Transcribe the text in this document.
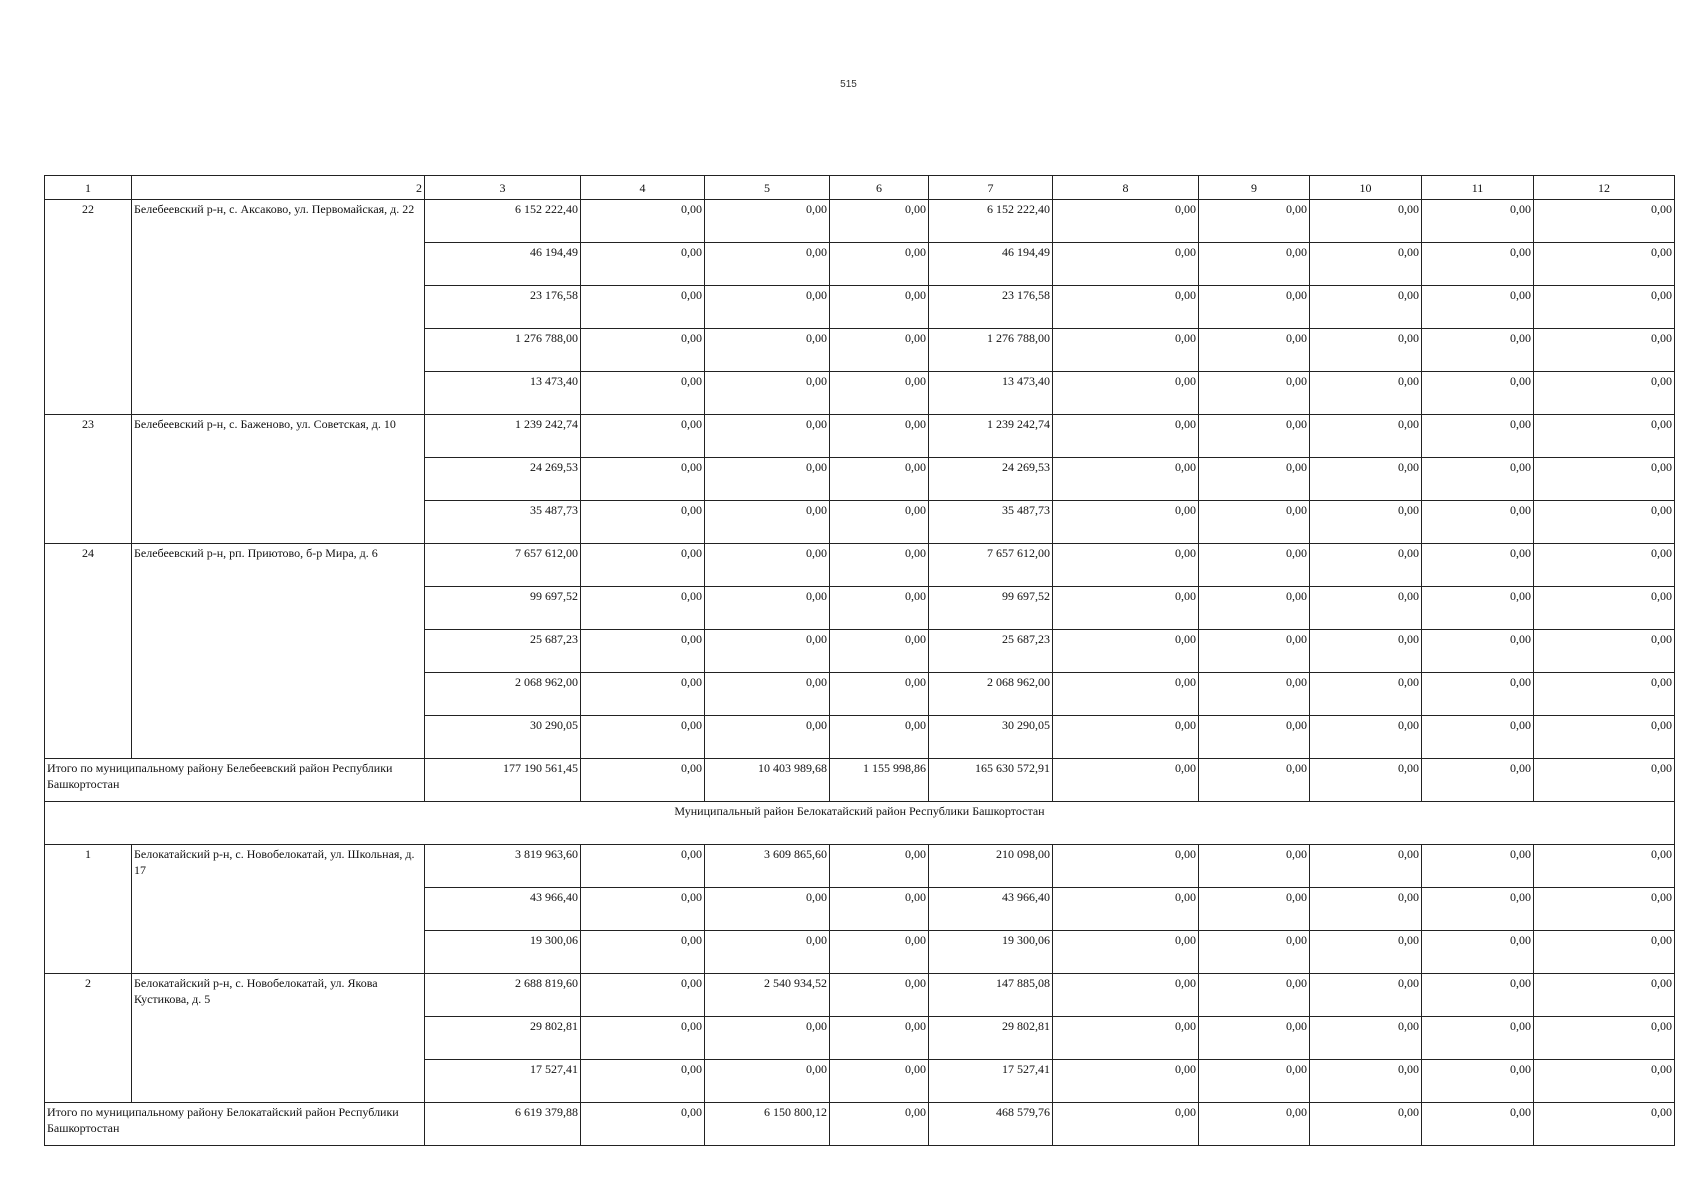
515
1	2	3	4	5	6	7	8	9	10	11	12
22	Белебеевский р-н, с. Аксаково, ул. Первомайская, д. 22	6 152 222,40	0,00	0,00	0,00	6 152 222,40	0,00	0,00	0,00	0,00	0,00
		46 194,49	0,00	0,00	0,00	46 194,49	0,00	0,00	0,00	0,00	0,00
		23 176,58	0,00	0,00	0,00	23 176,58	0,00	0,00	0,00	0,00	0,00
		1 276 788,00	0,00	0,00	0,00	1 276 788,00	0,00	0,00	0,00	0,00	0,00
		13 473,40	0,00	0,00	0,00	13 473,40	0,00	0,00	0,00	0,00	0,00
23	Белебеевский р-н, с. Баженово, ул. Советская, д. 10	1 239 242,74	0,00	0,00	0,00	1 239 242,74	0,00	0,00	0,00	0,00	0,00
		24 269,53	0,00	0,00	0,00	24 269,53	0,00	0,00	0,00	0,00	0,00
		35 487,73	0,00	0,00	0,00	35 487,73	0,00	0,00	0,00	0,00	0,00
24	Белебеевский р-н, рп. Приютово, б-р Мира, д. 6	7 657 612,00	0,00	0,00	0,00	7 657 612,00	0,00	0,00	0,00	0,00	0,00
		99 697,52	0,00	0,00	0,00	99 697,52	0,00	0,00	0,00	0,00	0,00
		25 687,23	0,00	0,00	0,00	25 687,23	0,00	0,00	0,00	0,00	0,00
		2 068 962,00	0,00	0,00	0,00	2 068 962,00	0,00	0,00	0,00	0,00	0,00
		30 290,05	0,00	0,00	0,00	30 290,05	0,00	0,00	0,00	0,00	0,00
Итого по муниципальному району Белебеевский район Республики Башкортостан		177 190 561,45	0,00	10 403 989,68	1 155 998,86	165 630 572,91	0,00	0,00	0,00	0,00	0,00
Муниципальный район Белокатайский район Республики Башкортостан											
1	Белокатайский р-н, с. Новобелокатай, ул. Школьная, д. 17	3 819 963,60	0,00	3 609 865,60	0,00	210 098,00	0,00	0,00	0,00	0,00	0,00
		43 966,40	0,00	0,00	0,00	43 966,40	0,00	0,00	0,00	0,00	0,00
		19 300,06	0,00	0,00	0,00	19 300,06	0,00	0,00	0,00	0,00	0,00
2	Белокатайский р-н, с. Новобелокатай, ул. Якова Кустикова, д. 5	2 688 819,60	0,00	2 540 934,52	0,00	147 885,08	0,00	0,00	0,00	0,00	0,00
		29 802,81	0,00	0,00	0,00	29 802,81	0,00	0,00	0,00	0,00	0,00
		17 527,41	0,00	0,00	0,00	17 527,41	0,00	0,00	0,00	0,00	0,00
Итого по муниципальному району Белокатайский район Республики Башкортостан		6 619 379,88	0,00	6 150 800,12	0,00	468 579,76	0,00	0,00	0,00	0,00	0,00
